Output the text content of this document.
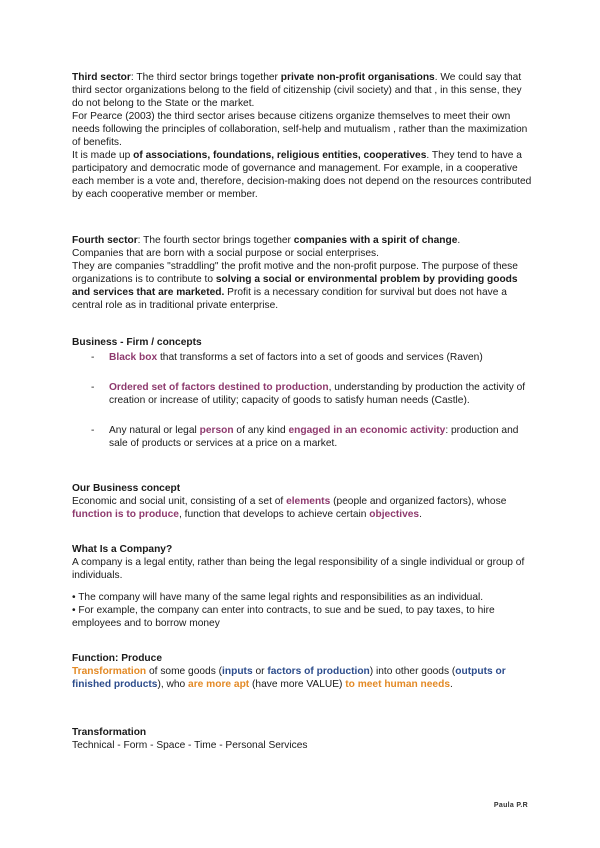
Third sector: The third sector brings together private non-profit organisations. We could say that third sector organizations belong to the field of citizenship (civil society) and that , in this sense, they do not belong to the State or the market.

For Pearce (2003) the third sector arises because citizens organize themselves to meet their own needs following the principles of collaboration, self-help and mutualism , rather than the maximization of benefits.

It is made up of associations, foundations, religious entities, cooperatives. They tend to have a participatory and democratic mode of governance and management. For example, in a cooperative each member is a vote and, therefore, decision-making does not depend on the resources contributed by each cooperative member or member.

Fourth sector: The fourth sector brings together companies with a spirit of change.

Companies that are born with a social purpose or social enterprises.

They are companies "straddling" the profit motive and the non-profit purpose. The purpose of these organizations is to contribute to solving a social or environmental problem by providing goods and services that are marketed. Profit is a necessary condition for survival but does not have a central role as in traditional private enterprise.

Business - Firm / concepts

- Black box that transforms a set of factors into a set of goods and services (Raven)
- Ordered set of factors destined to production, understanding by production the activity of creation or increase of utility; capacity of goods to satisfy human needs (Castle).
- Any natural or legal person of any kind engaged in an economic activity: production and sale of products or services at a price on a market.

Our Business concept

Economic and social unit, consisting of a set of elements (people and organized factors), whose function is to produce, function that develops to achieve certain objectives.

What Is a Company?

A company is a legal entity, rather than being the legal responsibility of a single individual or group of individuals.

• The company will have many of the same legal rights and responsibilities as an individual.

• For example, the company can enter into contracts, to sue and be sued, to pay taxes, to hire employees and to borrow money

Function: Produce

Transformation of some goods (inputs or factors of production) into other goods (outputs or finished products), who are more apt (have more VALUE) to meet human needs.

Transformation

Technical - Form - Space - Time - Personal Services

Paula P.R
